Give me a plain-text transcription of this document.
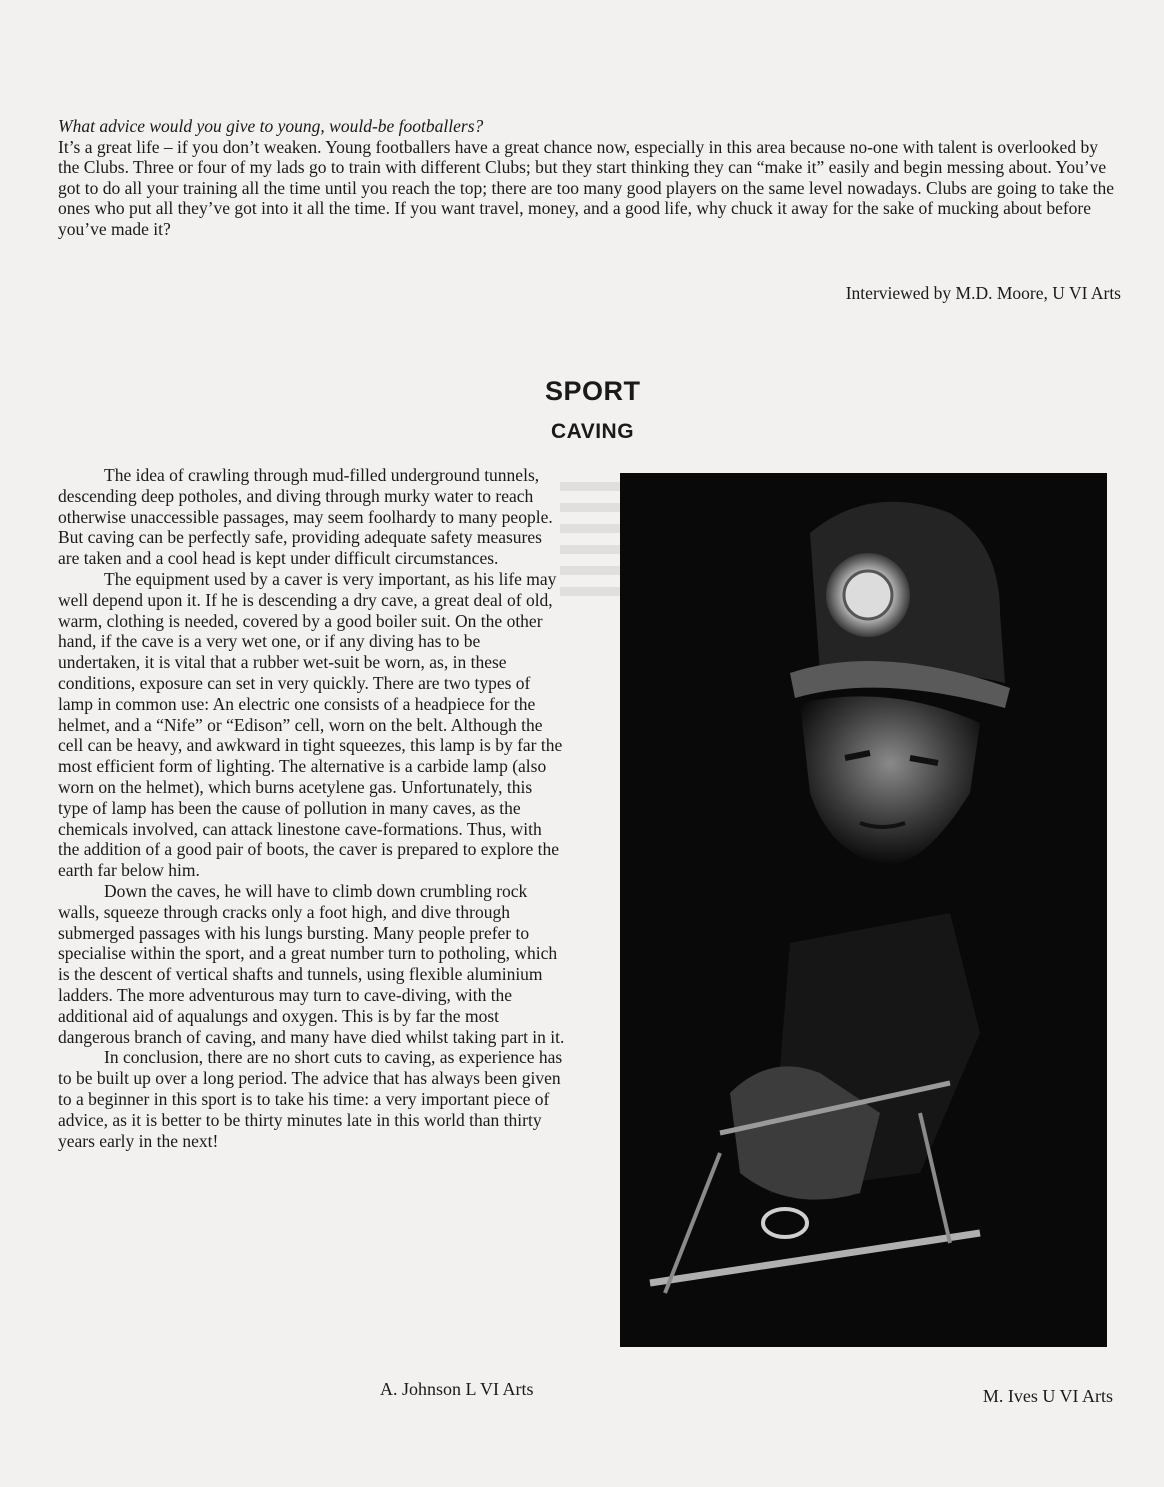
What advice would you give to young, would-be footballers?

It’s a great life – if you don’t weaken. Young footballers have a great chance now, especially in this area because no-one with talent is overlooked by the Clubs. Three or four of my lads go to train with different Clubs; but they start thinking they can “make it” easily and begin messing about. You’ve got to do all your training all the time until you reach the top; there are too many good players on the same level nowadays. Clubs are going to take the ones who put all they’ve got into it all the time. If you want travel, money, and a good life, why chuck it away for the sake of mucking about before you’ve made it?

Interviewed by M.D. Moore, U VI Arts
SPORT
CAVING

The idea of crawling through mud-filled underground tunnels, descending deep potholes, and diving through murky water to reach otherwise unaccessible passages, may seem foolhardy to many people. But caving can be perfectly safe, providing adequate safety measures are taken and a cool head is kept under difficult circumstances.

The equipment used by a caver is very important, as his life may well depend upon it. If he is descending a dry cave, a great deal of old, warm, clothing is needed, covered by a good boiler suit. On the other hand, if the cave is a very wet one, or if any diving has to be undertaken, it is vital that a rubber wet-suit be worn, as, in these conditions, exposure can set in very quickly. There are two types of lamp in common use: An electric one consists of a headpiece for the helmet, and a “Nife” or “Edison” cell, worn on the belt. Although the cell can be heavy, and awkward in tight squeezes, this lamp is by far the most efficient form of lighting. The alternative is a carbide lamp (also worn on the helmet), which burns acetylene gas. Unfortunately, this type of lamp has been the cause of pollution in many caves, as the chemicals involved, can attack linestone cave-formations. Thus, with the addition of a good pair of boots, the caver is prepared to explore the earth far below him.

Down the caves, he will have to climb down crumbling rock walls, squeeze through cracks only a foot high, and dive through submerged passages with his lungs bursting. Many people prefer to specialise within the sport, and a great number turn to potholing, which is the descent of vertical shafts and tunnels, using flexible aluminium ladders. The more adventurous may turn to cave-diving, with the additional aid of aqualungs and oxygen. This is by far the most dangerous branch of caving, and many have died whilst taking part in it.

In conclusion, there are no short cuts to caving, as experience has to be built up over a long period. The advice that has always been given to a beginner in this sport is to take his time: a very important piece of advice, as it is better to be thirty minutes late in this world than thirty years early in the next!

A. Johnson L VI Arts	M. Ives U VI Arts
